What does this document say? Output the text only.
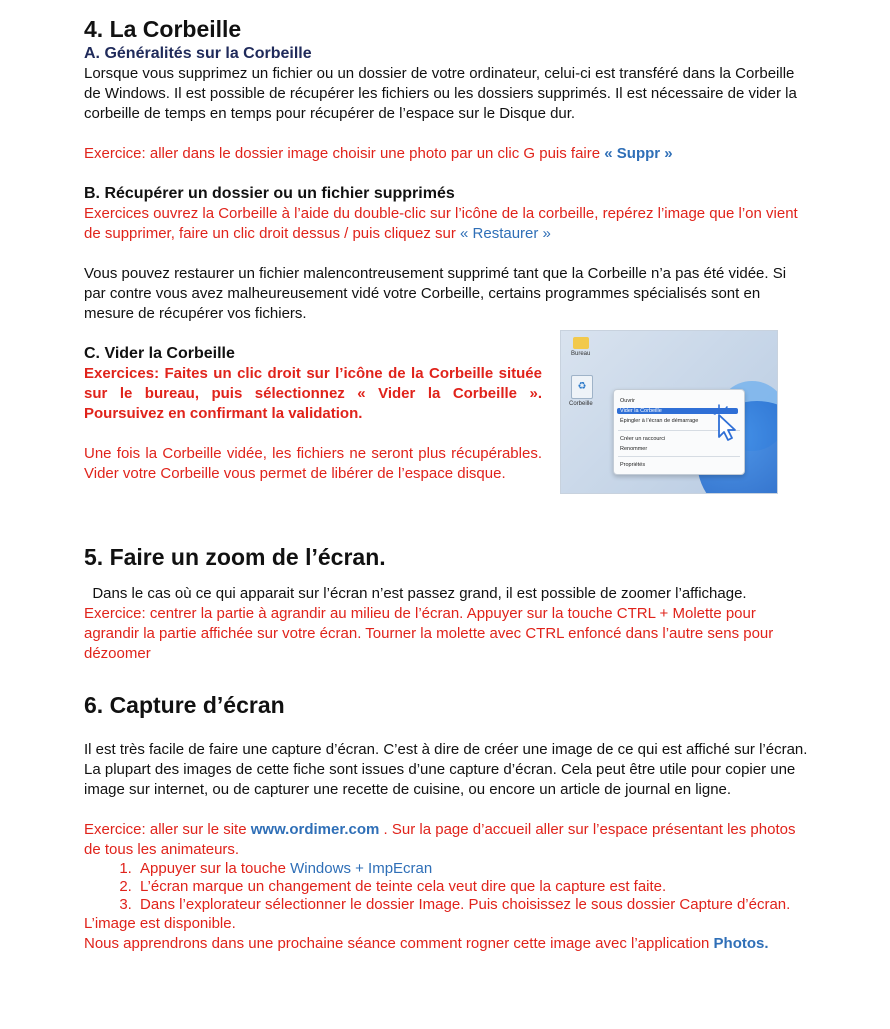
4. La Corbeille
A. Généralités sur la Corbeille

Lorsque vous supprimez un fichier ou un dossier de votre ordinateur, celui-ci est transféré dans la Corbeille de Windows. Il est possible de récupérer les fichiers ou les dossiers supprimés. Il est nécessaire de vider la corbeille de temps en temps pour récupérer de l’espace sur le Disque dur.

Exercice: aller dans le dossier image choisir une photo par un clic G puis faire « Suppr »

B. Récupérer un dossier ou un fichier supprimés

Exercices ouvrez la Corbeille à l’aide du double-clic sur l’icône de la corbeille, repérez l’image que l’on vient de supprimer, faire un clic droit dessus / puis cliquez sur « Restaurer »

Vous pouvez restaurer un fichier malencontreusement supprimé tant que la Corbeille n’a pas été vidée. Si par contre vous avez malheureusement vidé votre Corbeille, certains programmes spécialisés sont en mesure de récupérer vos fichiers.

C. Vider la Corbeille

Exercices: Faites un clic droit sur l’icône de la Corbeille située sur le bureau, puis sélectionnez « Vider la Corbeille ». Poursuivez en confirmant la validation.

Une fois la Corbeille vidée, les fichiers ne seront plus récupérables. Vider votre Corbeille vous permet de libérer de l’espace disque.

Bureau
♻
Corbeille	Ouvrir
Vider la Corbeille
Épingler à l’écran de démarrage
Créer un raccourci
Renommer
Propriétés
5. Faire un zoom de l’écran.

Dans le cas où ce qui apparait sur l’écran n’est passez grand, il est possible de zoomer l’affichage.

Exercice: centrer la partie à agrandir au milieu de l’écran. Appuyer sur la touche CTRL + Molette pour agrandir la partie affichée sur votre écran. Tourner la molette avec CTRL enfoncé dans l’autre sens pour dézoomer

6. Capture d’écran

Il est très facile de faire une capture d’écran. C’est à dire de créer une image de ce qui est affiché sur l’écran. La plupart des images de cette fiche sont issues d’une capture d’écran. Cela peut être utile pour copier une image sur internet, ou de capturer une recette de cuisine, ou encore un article de journal en ligne.

Exercice: aller sur le site www.ordimer.com . Sur la page d’accueil aller sur l’espace présentant les photos de tous les animateurs.

1. Appuyer sur la touche Windows + ImpEcran
2. L’écran marque un changement de teinte cela veut dire que la capture est faite.
3. Dans l’explorateur sélectionner le dossier Image. Puis choisissez le sous dossier Capture d’écran.

L’image est disponible.

Nous apprendrons dans une prochaine séance comment rogner cette image avec l’application Photos.
